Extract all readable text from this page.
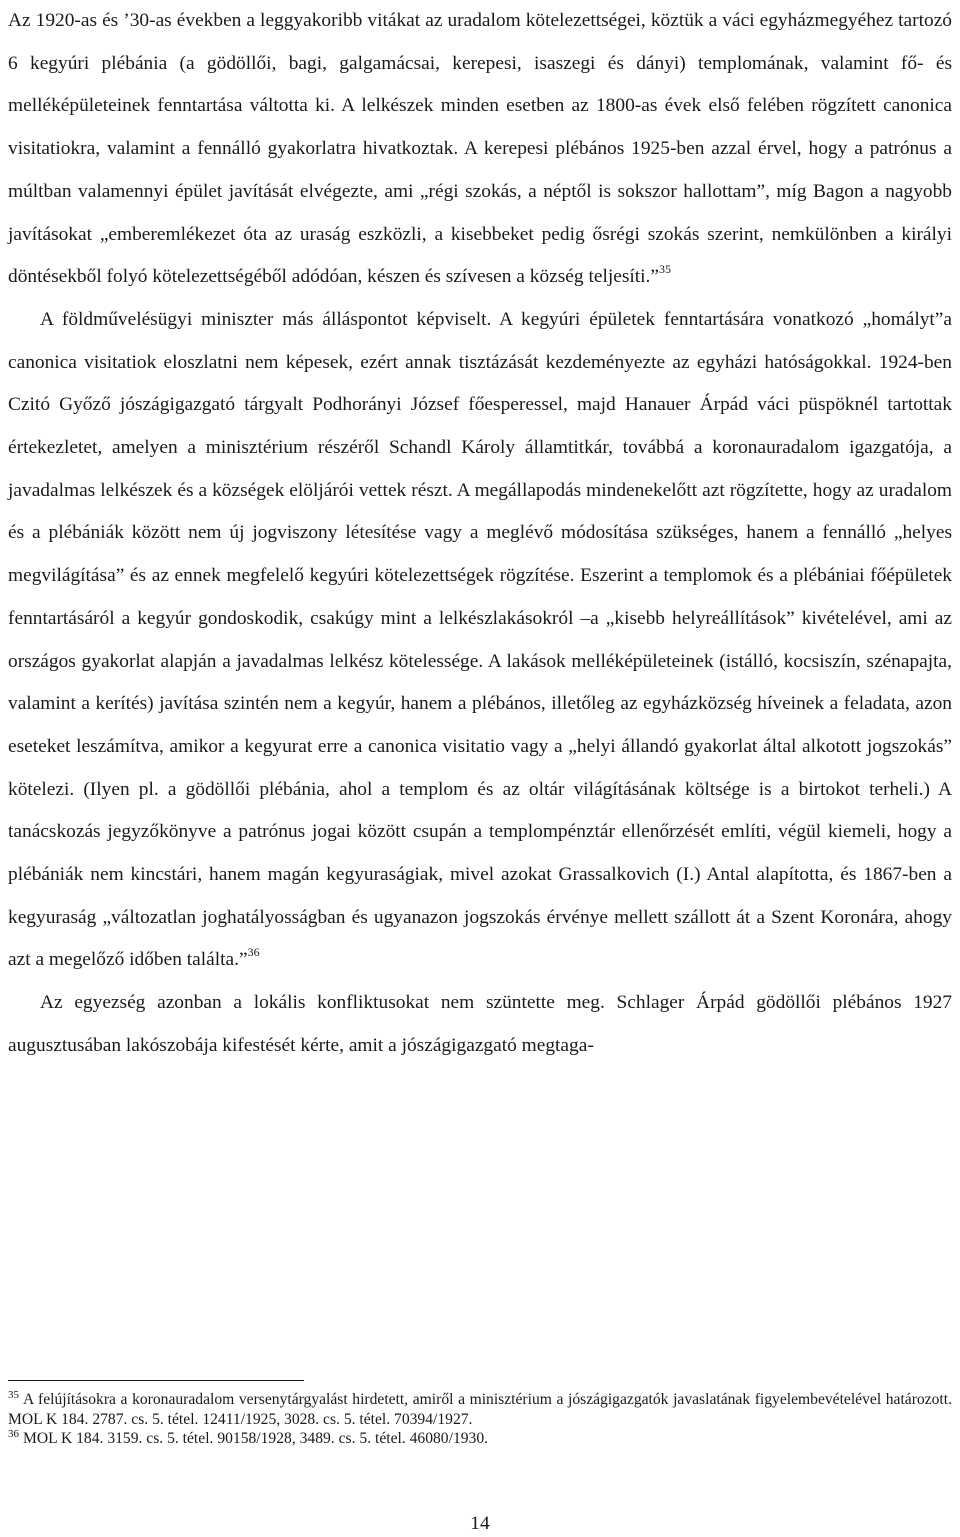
Az 1920-as és ’30-as években a leggyakoribb vitákat az uradalom kötelezettségei, köztük a váci egyházmegyéhez tartozó 6 kegyúri plébánia (a gödöllői, bagi, galgamácsai, kerepesi, isaszegi és dányi) templomának, valamint fő- és melléképületeinek fenntartása váltotta ki. A lelkészek minden esetben az 1800-as évek első felében rögzített canonica visitatiokra, valamint a fennálló gyakorlatra hivatkoztak. A kerepesi plébános 1925-ben azzal érvel, hogy a patrónus a múltban valamennyi épület javítását elvégezte, ami „régi szokás, a néptől is sokszor hallottam”, míg Bagon a nagyobb javításokat „emberemlékezet óta az uraság eszközli, a kisebbeket pedig ősrégi szokás szerint, nemkülönben a királyi döntésekből folyó kötelezettségéből adódóan, készen és szívesen a község teljesíti.”$^{35}$

A földművelésügyi miniszter más álláspontot képviselt. A kegyúri épületek fenntartására vonatkozó „homályt”a canonica visitatiok eloszlatni nem képesek, ezért annak tisztázását kezdeményezte az egyházi hatóságokkal. 1924-ben Czitó Győző jószágigazgató tárgyalt Podhorányi József főesperessel, majd Hanauer Árpád váci püspöknél tartottak értekezletet, amelyen a minisztérium részéről Schandl Károly államtitkár, továbbá a koronauradalom igazgatója, a javadalmas lelkészek és a községek elöljárói vettek részt. A megállapodás mindenekelőtt azt rögzítette, hogy az uradalom és a plébániák között nem új jogviszony létesítése vagy a meglévő módosítása szükséges, hanem a fennálló „helyes megvilágítása” és az ennek megfelelő kegyúri kötelezettségek rögzítése. Eszerint a templomok és a plébániai főépületek fenntartásáról a kegyúr gondoskodik, csakúgy mint a lelkészlakásokról –a „kisebb helyreállítások” kivételével, ami az országos gyakorlat alapján a javadalmas lelkész kötelessége. A lakások melléképületeinek (istálló, kocsiszín, szénapajta, valamint a kerítés) javítása szintén nem a kegyúr, hanem a plébános, illetőleg az egyházközség híveinek a feladata, azon eseteket leszámítva, amikor a kegyurat erre a canonica visitatio vagy a „helyi állandó gyakorlat által alkotott jogszokás” kötelezi. (Ilyen pl. a gödöllői plébánia, ahol a templom és az oltár világításának költsége is a birtokot terheli.) A tanácskozás jegyzőkönyve a patrónus jogai között csupán a templompénztár ellenőrzését említi, végül kiemeli, hogy a plébániák nem kincstári, hanem magán kegyuraságiak, mivel azokat Grassalkovich (I.) Antal alapította, és 1867-ben a kegyuraság „változatlan joghatályosságban és ugyanazon jogszokás érvénye mellett szállott át a Szent Koronára, ahogy azt a megelőző időben találta.”$^{36}$

Az egyezség azonban a lokális konfliktusokat nem szüntette meg. Schlager Árpád gödöllői plébános 1927 augusztusában lakószobája kifestését kérte, amit a jószágigazgató megtaga-

$^{35}$ A felújításokra a koronauradalom versenytárgyalást hirdetett, amiről a minisztérium a jószágigazgatók javaslatának figyelembevételével határozott. MOL K 184. 2787. cs. 5. tétel. 12411/1925, 3028. cs. 5. tétel. 70394/1927.

$^{36}$ MOL K 184. 3159. cs. 5. tétel. 90158/1928, 3489. cs. 5. tétel. 46080/1930.

14
